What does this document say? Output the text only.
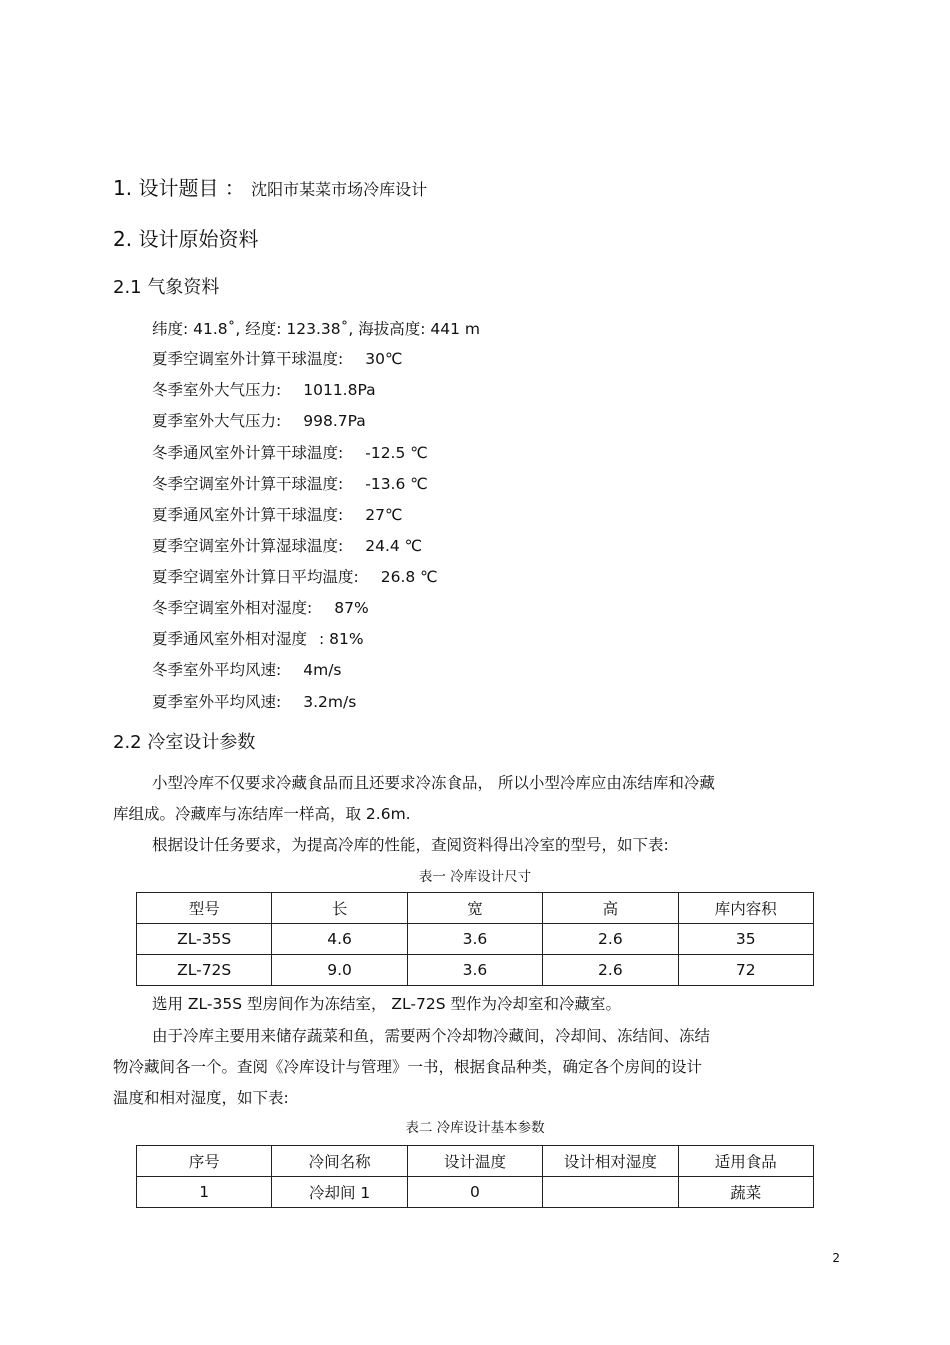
1. 设计题目 ： 沈阳市某菜市场冷库设计
2. 设计原始资料
2.1 气象资料
纬度: 41.8˚, 经度: 123.38˚, 海拔高度: 441 m
夏季空调室外计算干球温度: 30℃
冬季室外大气压力: 1011.8Pa
夏季室外大气压力: 998.7Pa
冬季通风室外计算干球温度: -12.5 ℃
冬季空调室外计算干球温度: -13.6 ℃
夏季通风室外计算干球温度: 27℃
夏季空调室外计算湿球温度: 24.4 ℃
夏季空调室外计算日平均温度: 26.8 ℃
冬季空调室外相对湿度: 87%
夏季通风室外相对湿度 : 81%
冬季室外平均风速: 4m/s
夏季室外平均风速: 3.2m/s
2.2 冷室设计参数
小型冷库不仅要求冷藏食品而且还要求冷冻食品， 所以小型冷库应由冻结库和冷藏
库组成。冷藏库与冻结库一样高，取 2.6m.
根据设计任务要求，为提高冷库的性能，查阅资料得出冷室的型号，如下表:
表一 冷库设计尺寸
型号	长	宽	高	库内容积
ZL-35S	4.6	3.6	2.6	35
ZL-72S	9.0	3.6	2.6	72
选用 ZL-35S 型房间作为冻结室， ZL-72S 型作为冷却室和冷藏室。
由于冷库主要用来储存蔬菜和鱼，需要两个冷却物冷藏间，冷却间、冻结间、冻结
物冷藏间各一个。查阅《冷库设计与管理》一书，根据食品种类，确定各个房间的设计
温度和相对湿度，如下表:
表二 冷库设计基本参数
序号	冷间名称	设计温度	设计相对湿度	适用食品
1	冷却间 1	0		蔬菜
2
